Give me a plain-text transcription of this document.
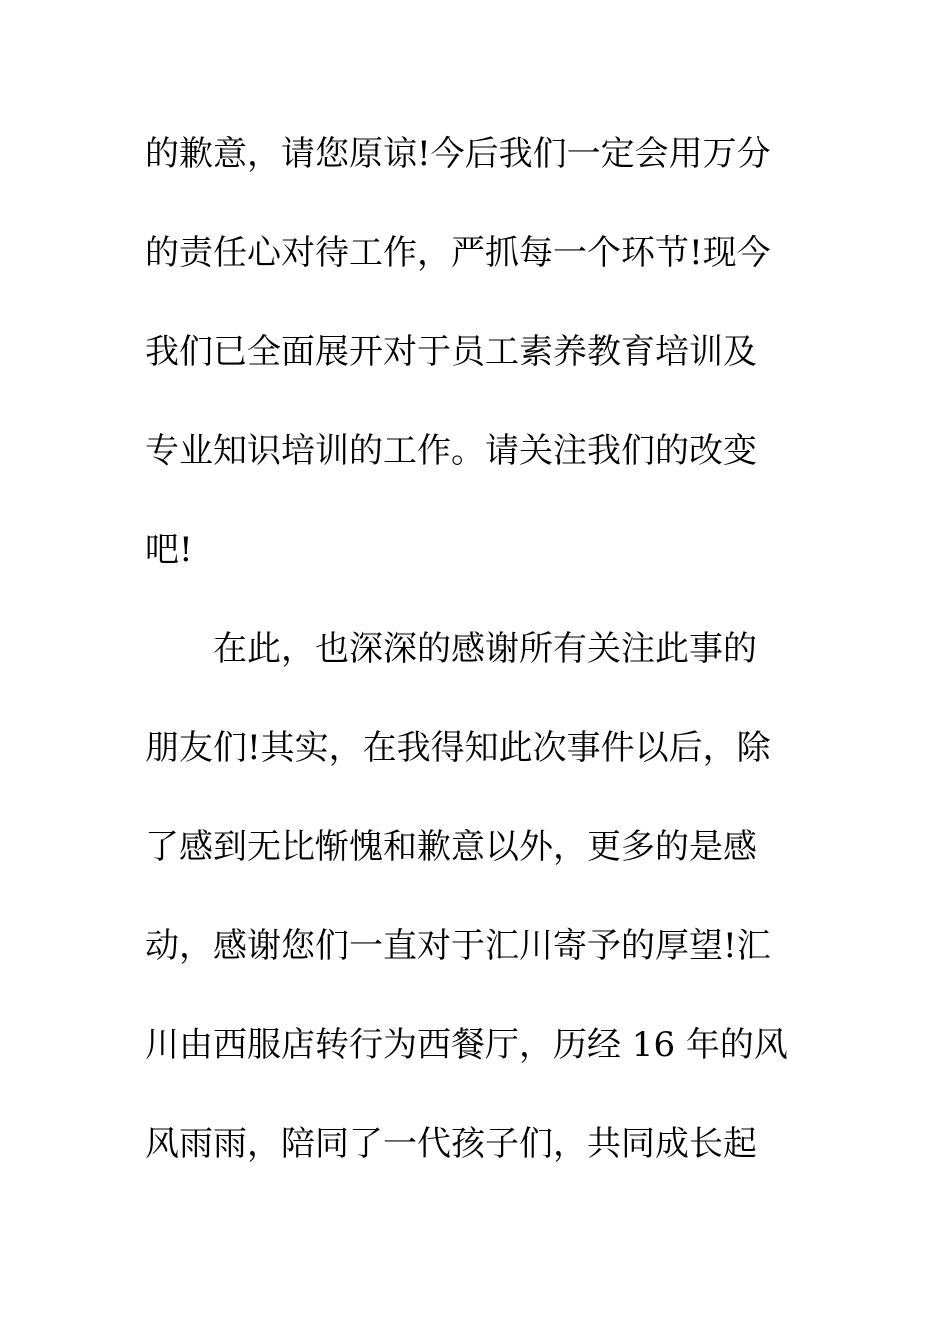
的歉意，请您原谅!今后我们一定会用万分
的责任心对待工作，严抓每一个环节!现今
我们已全面展开对于员工素养教育培训及
专业知识培训的工作。请关注我们的改变
吧!
在此，也深深的感谢所有关注此事的
朋友们!其实，在我得知此次事件以后，除
了感到无比惭愧和歉意以外，更多的是感
动，感谢您们一直对于汇川寄予的厚望!汇
川由西服店转行为西餐厅，历经 16 年的风
风雨雨，陪同了一代孩子们，共同成长起
